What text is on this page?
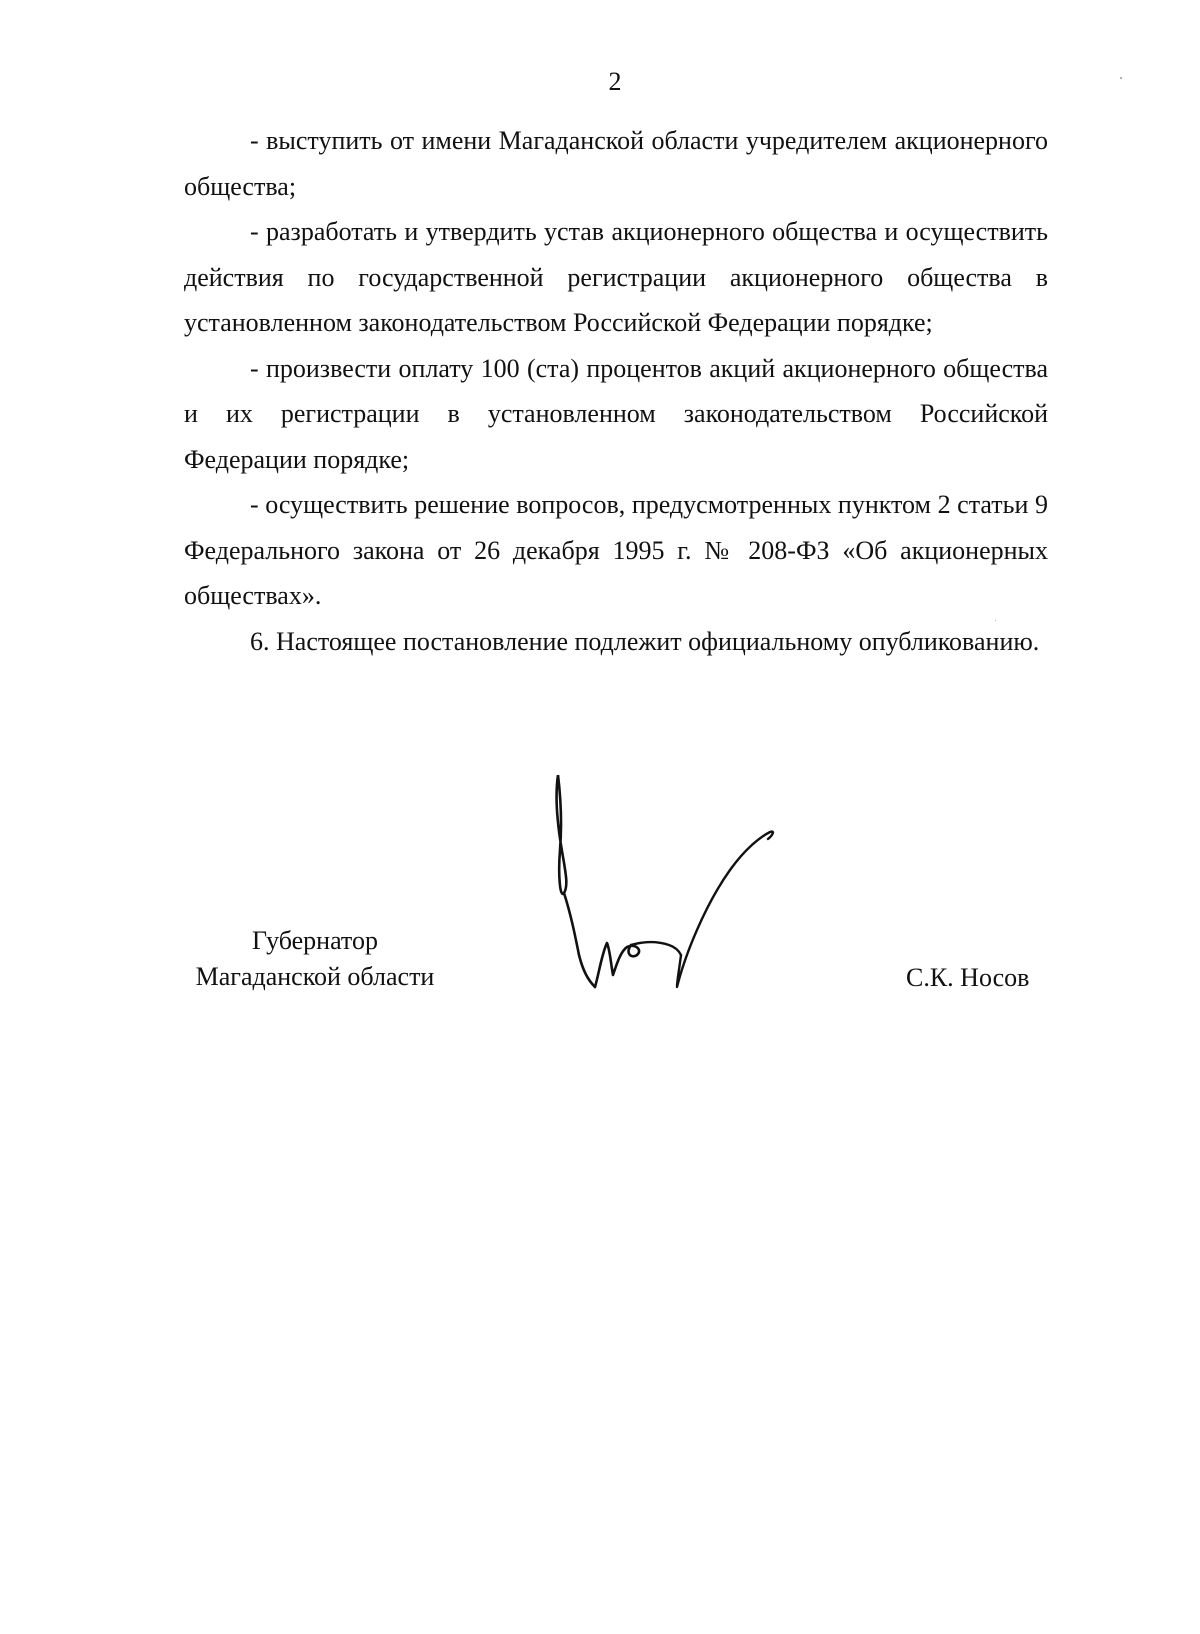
2

- выступить от имени Магаданской области учредителем акционерного общества;

- разработать и утвердить устав акционерного общества и осуществить действия по государственной регистрации акционерного общества в установленном законодательством Российской Федерации порядке;

- произвести оплату 100 (ста) процентов акций акционерного общества и их регистрации в установленном законодательством Российской Федерации порядке;

- осуществить решение вопросов, предусмотренных пунктом 2 статьи 9 Федерального закона от 26 декабря 1995 г. № 208-ФЗ «Об акционерных обществах».

6. Настоящее постановление подлежит официальному опубликованию.

Губернатор
Магаданской области	С.К. Носов
